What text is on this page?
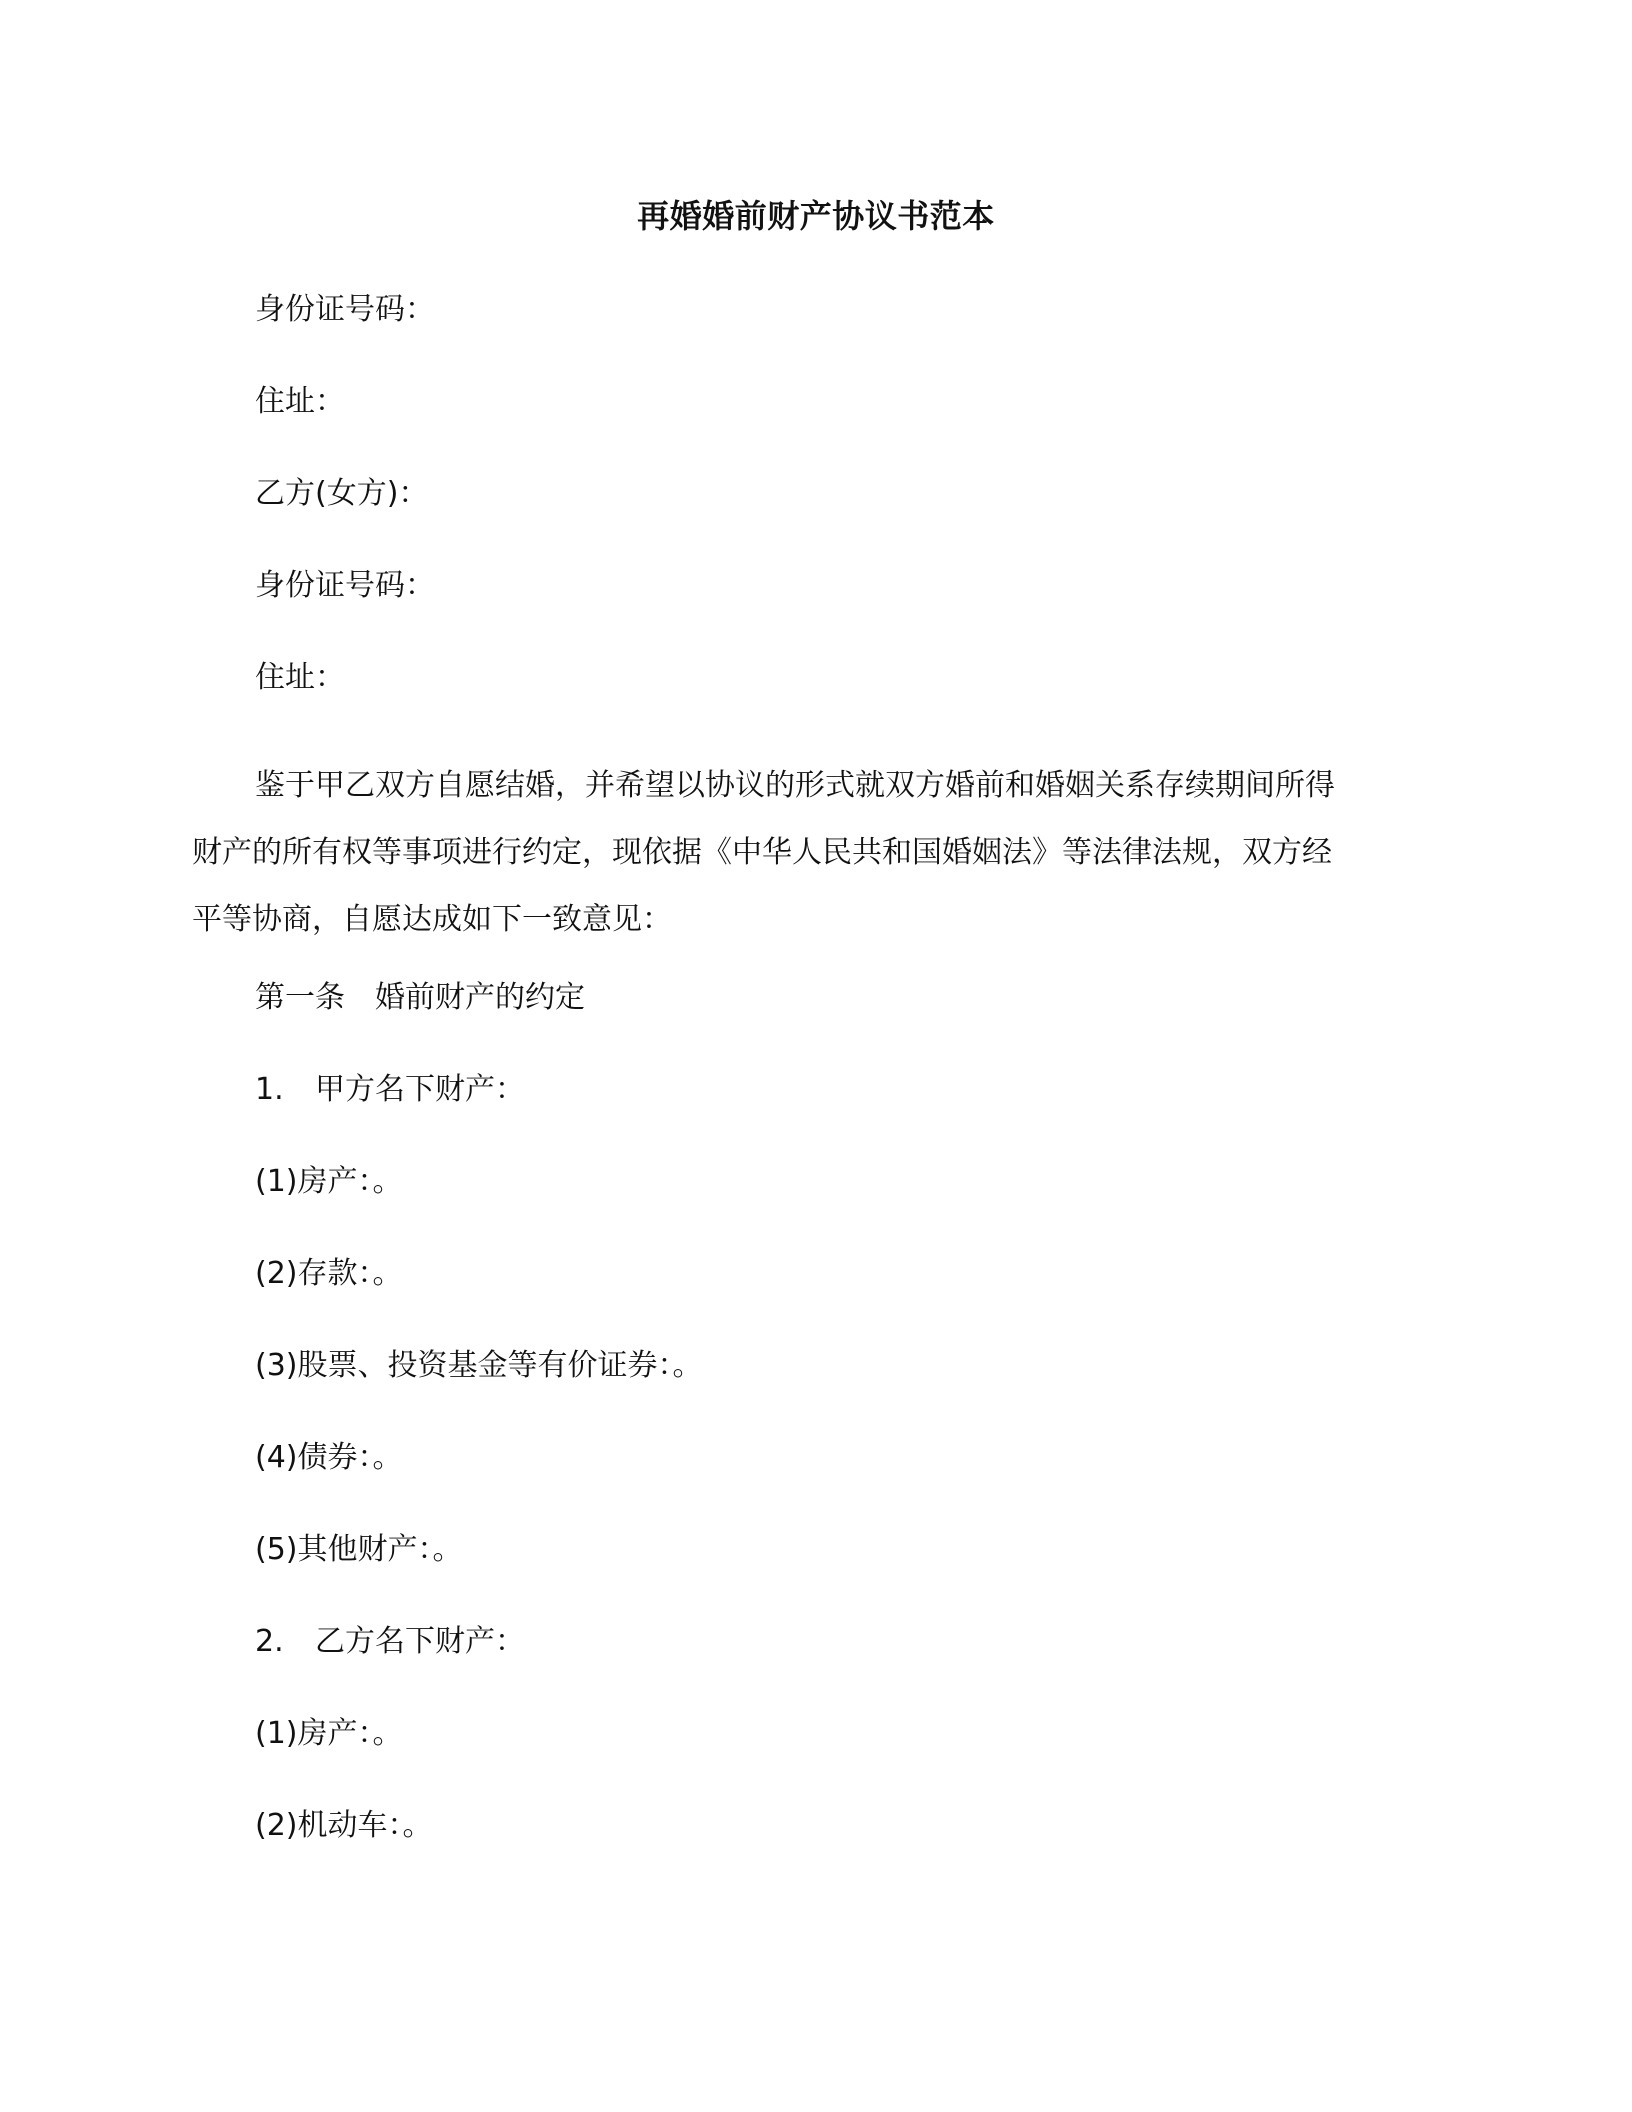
再婚婚前财产协议书范本
身份证号码：
住址：
乙方(女方)：
身份证号码：
住址：
鉴于甲乙双方自愿结婚，并希望以协议的形式就双方婚前和婚姻关系存续期间所得
财产的所有权等事项进行约定，现依据《中华人民共和国婚姻法》等法律法规，双方经
平等协商，自愿达成如下一致意见：
第一条 婚前财产的约定
1. 甲方名下财产：
(1)房产：。
(2)存款：。
(3)股票、投资基金等有价证券：。
(4)债券：。
(5)其他财产：。
2. 乙方名下财产：
(1)房产：。
(2)机动车：。
